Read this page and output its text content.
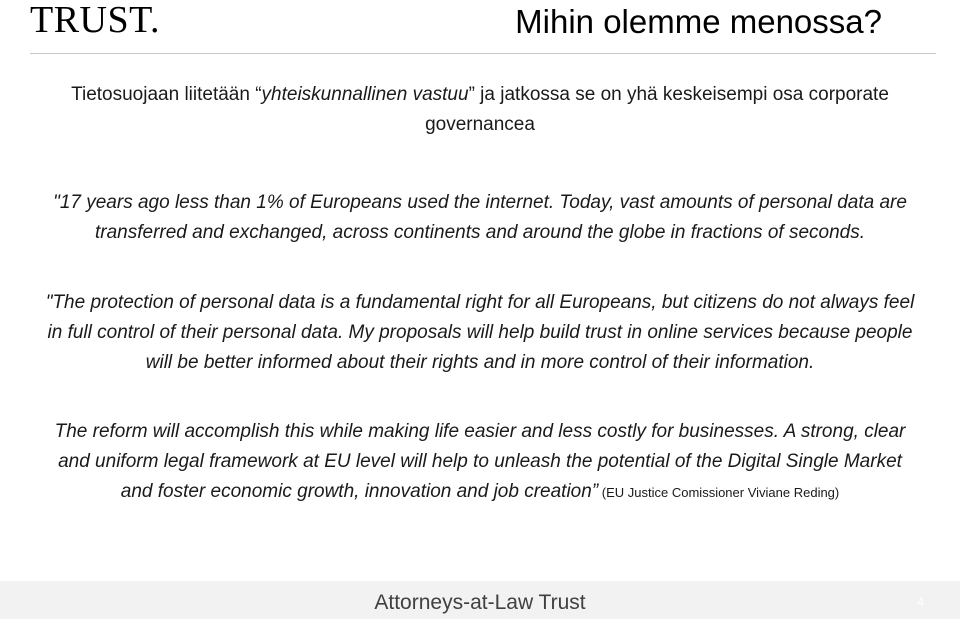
TRUST.	Mihin olemme menossa?

Tietosuojaan liitetään “yhteiskunnallinen vastuu” ja jatkossa se on yhä keskeisempi osa corporate governancea

"17 years ago less than 1% of Europeans used the internet. Today, vast amounts of personal data are transferred and exchanged, across continents and around the globe in fractions of seconds.

"The protection of personal data is a fundamental right for all Europeans, but citizens do not always feel in full control of their personal data. My proposals will help build trust in online services because people will be better informed about their rights and in more control of their information.

The reform will accomplish this while making life easier and less costly for businesses. A strong, clear and uniform legal framework at EU level will help to unleash the potential of the Digital Single Market and foster economic growth, innovation and job creation” (EU Justice Comissioner Viviane Reding)

Attorneys-at-Law Trust	4
